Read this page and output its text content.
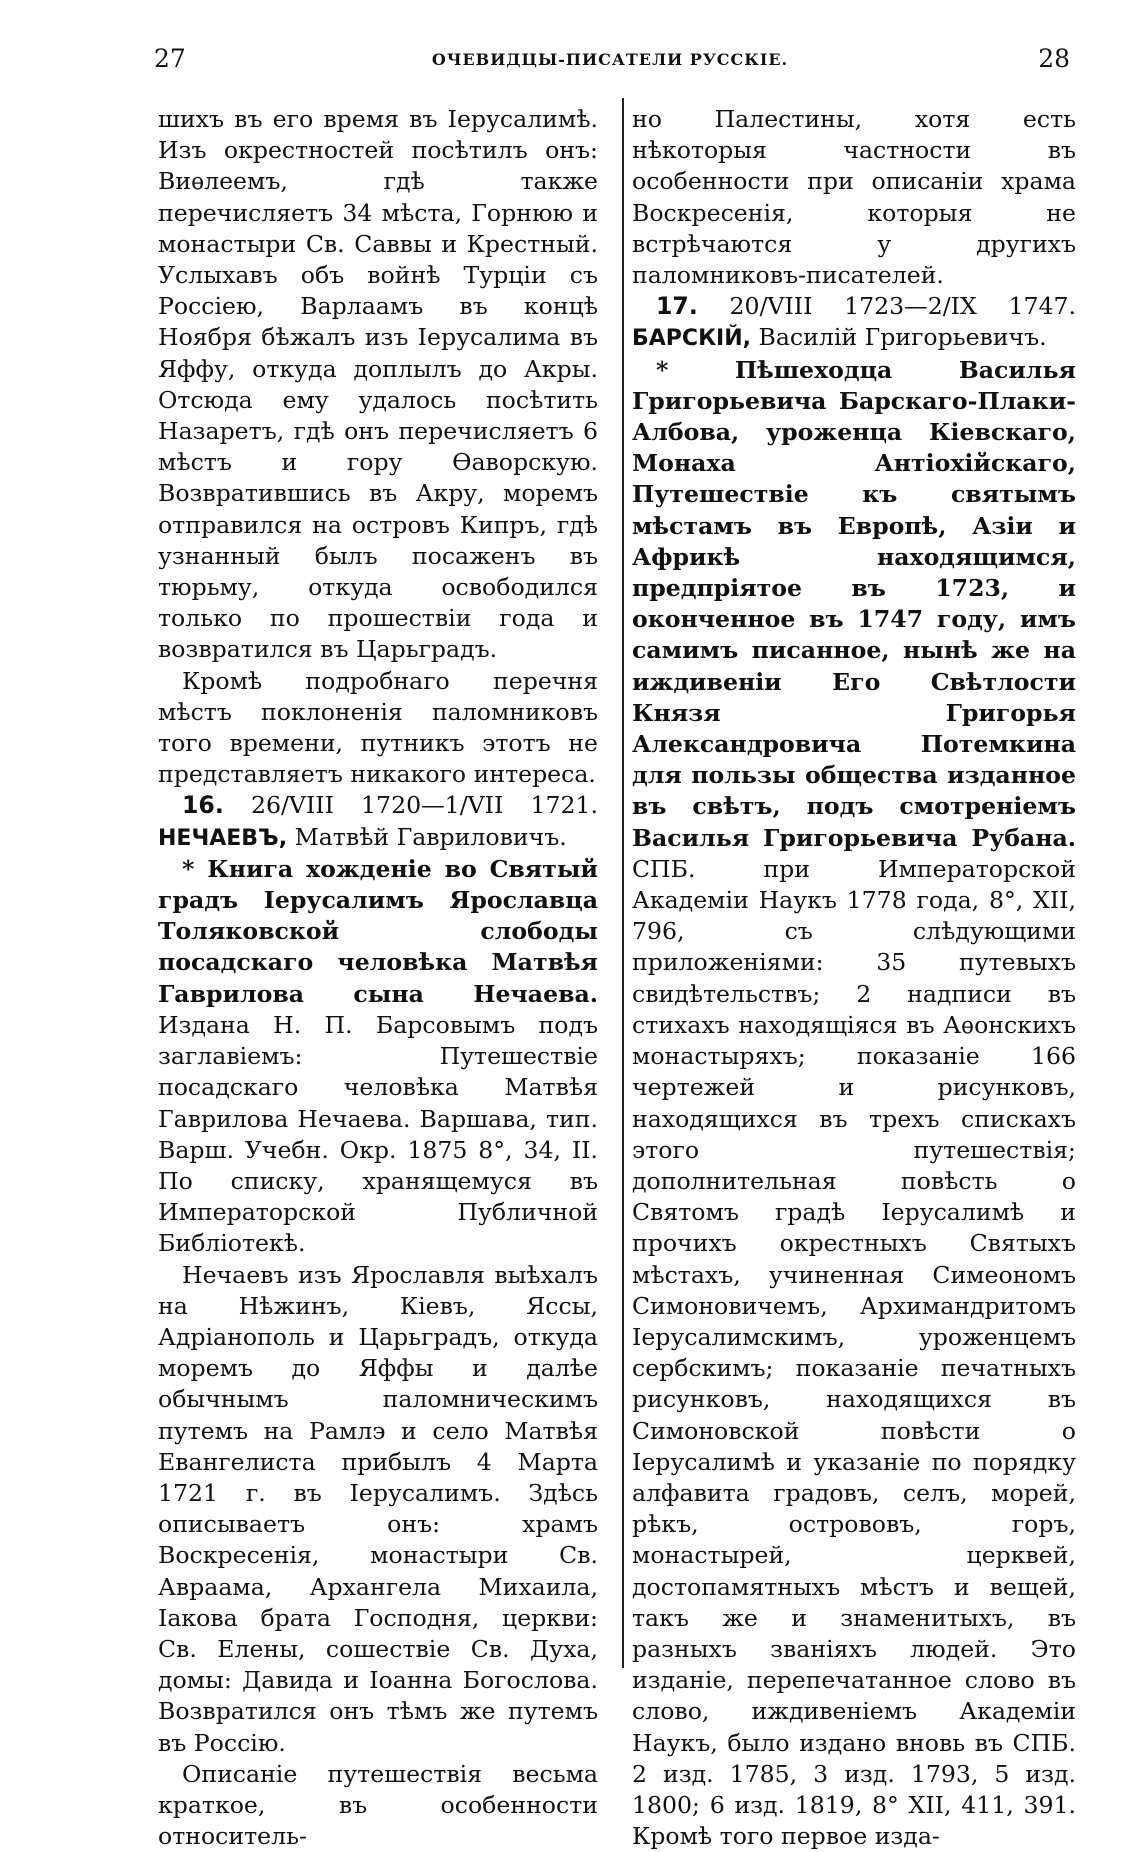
27	ОЧЕВИДЦЫ-ПИСАТЕЛИ РУССКІЕ.	28

шихъ въ его время въ Іерусалимѣ. Изъ окрестностей посѣтилъ онъ: Виѳлеемъ, гдѣ также перечисляетъ 34 мѣста, Горнюю и монастыри Св. Саввы и Крестный. Услыхавъ объ войнѣ Турціи съ Россіею, Варлаамъ въ концѣ Ноября бѣжалъ изъ Іерусалима въ Яффу, откуда доплылъ до Акры. Отсюда ему удалось посѣтить Назаретъ, гдѣ онъ перечисляетъ 6 мѣстъ и гору Ѳаворскую. Возвратившись въ Акру, моремъ отправился на островъ Кипръ, гдѣ узнанный былъ посаженъ въ тюрьму, откуда освободился только по прошествіи года и возвратился въ Царьградъ.

Кромѣ подробнаго перечня мѣстъ поклоненія паломниковъ того времени, путникъ этотъ не представляетъ никакого интереса.

16. 26/VIII 1720—1/VII 1721. НЕЧАЕВЪ, Матвѣй Гавриловичъ.

* Книга хожденіе во Святый градъ Іерусалимъ Ярославца Толяковской слободы посадскаго человѣка Матвѣя Гаврилова сына Нечаева. Издана Н. П. Барсовымъ подъ заглавіемъ: Путешествіе посадскаго человѣка Матвѣя Гаврилова Нечаева. Варшава, тип. Варш. Учебн. Окр. 1875 8°, 34, II. По списку, хранящемуся въ Императорской Публичной Библіотекѣ.

Нечаевъ изъ Ярославля выѣхалъ на Нѣжинъ, Кіевъ, Яссы, Адріанополь и Царьградъ, откуда моремъ до Яффы и далѣе обычнымъ паломническимъ путемъ на Рамлэ и село Матвѣя Евангелиста прибылъ 4 Марта 1721 г. въ Іерусалимъ. Здѣсь описываетъ онъ: храмъ Воскресенія, монастыри Св. Авраама, Архангела Михаила, Іакова брата Господня, церкви: Св. Елены, сошествіе Св. Духа, домы: Давида и Іоанна Богослова. Возвратился онъ тѣмъ же путемъ въ Россію.

Описаніе путешествія весьма краткое, въ особенности относитель-

но Палестины, хотя есть нѣкоторыя частности въ особенности при описаніи храма Воскресенія, которыя не встрѣчаются у другихъ паломниковъ-писателей.

17. 20/VIII 1723—2/IX 1747. БАРСКІЙ, Василій Григорьевичъ.

* Пѣшеходца Василья Григорьевича Барскаго-Плаки-Албова, уроженца Кіевскаго, Монаха Антіохійскаго, Путешествіе къ святымъ мѣстамъ въ Европѣ, Азіи и Африкѣ находящимся, предпріятое въ 1723, и оконченное въ 1747 году, имъ самимъ писанное, нынѣ же на иждивеніи Его Свѣтлости Князя Григорья Александровича Потемкина для пользы общества изданное въ свѣтъ, подъ смотреніемъ Василья Григорьевича Рубана. СПБ. при Императорской Академіи Наукъ 1778 года, 8°, XII, 796, съ слѣдующими приложеніями: 35 путевыхъ свидѣтельствъ; 2 надписи въ стихахъ находящіяся въ Аѳонскихъ монастыряхъ; показаніе 166 чертежей и рисунковъ, находящихся въ трехъ спискахъ этого путешествія; дополнительная повѣсть о Святомъ градѣ Іерусалимѣ и прочихъ окрестныхъ Святыхъ мѣстахъ, учиненная Симеономъ Симоновичемъ, Архимандритомъ Іерусалимскимъ, уроженцемъ сербскимъ; показаніе печатныхъ рисунковъ, находящихся въ Симоновской повѣсти о Іерусалимѣ и указаніе по порядку алфавита градовъ, селъ, морей, рѣкъ, острововъ, горъ, монастырей, церквей, достопамятныхъ мѣстъ и вещей, такъ же и знаменитыхъ, въ разныхъ званіяхъ людей. Это изданіе, перепечатанное слово въ слово, иждивеніемъ Академіи Наукъ, было издано вновь въ СПБ. 2 изд. 1785, 3 изд. 1793, 5 изд. 1800; 6 изд. 1819, 8° XII, 411, 391. Кромѣ того первое изда-
